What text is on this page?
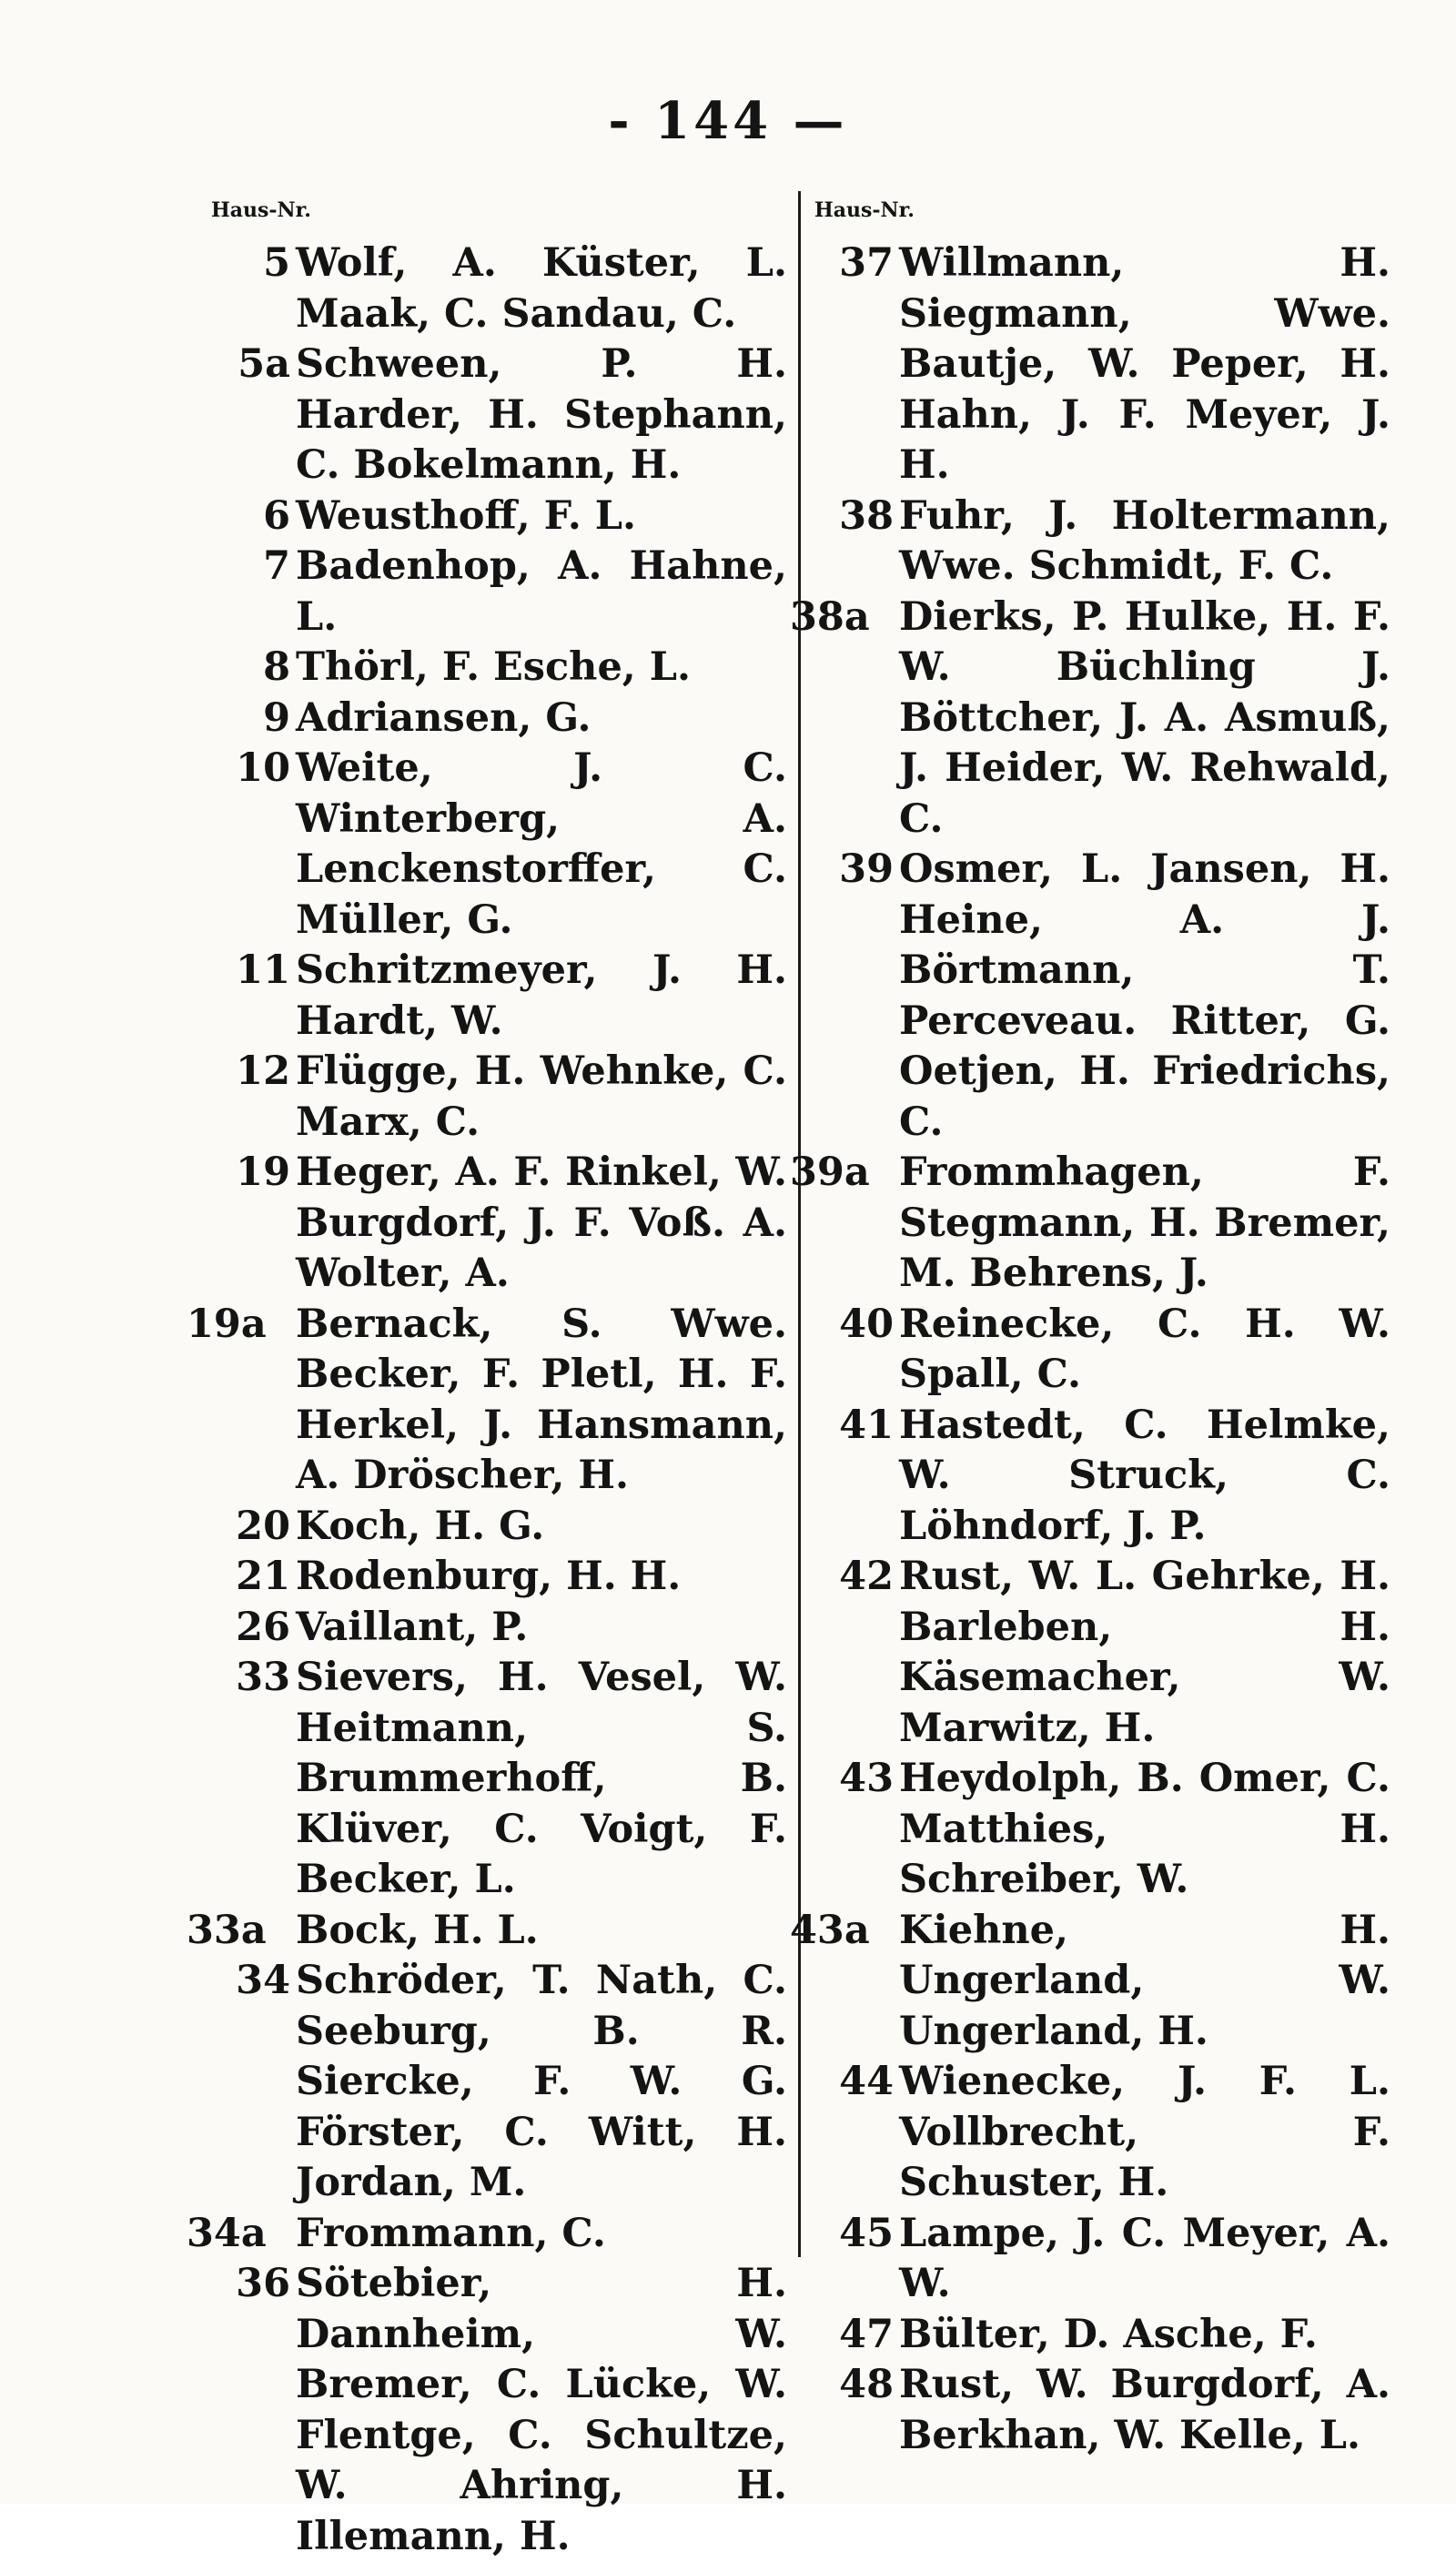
- 144 —
Haus-Nr.	Haus-Nr.
5 Wolf, A. Küster, L. Maak, C. Sandau, C.
5a Schween, P. H. Harder, H. Stephann, C. Bokelmann, H.
6 Weusthoff, F. L.
7 Badenhop, A. Hahne, L.
8 Thörl, F. Esche, L.
9 Adriansen, G.
10 Weite, J. C. Winterberg, A. Lenckenstorffer, C. Müller, G.
11 Schritzmeyer, J. H. Hardt, W.
12 Flügge, H. Wehnke, C. Marx, C.
19 Heger, A. F. Rinkel, W. Burgdorf, J. F. Voß. A. Wolter, A.
19a Bernack, S. Wwe. Becker, F. Pletl, H. F. Herkel, J. Hansmann, A. Dröscher, H.
20 Koch, H. G.
21 Rodenburg, H. H.
26 Vaillant, P.
33 Sievers, H. Vesel, W. Heitmann, S. Brummerhoff, B. Klüver, C. Voigt, F. Becker, L.
33a Bock, H. L.
34 Schröder, T. Nath, C. Seeburg, B. R. Siercke, F. W. G. Förster, C. Witt, H. Jordan, M.
34a Frommann, C.
36 Sötebier, H. Dannheim, W. Bremer, C. Lücke, W. Flentge, C. Schultze, W. Ahring, H. Illemann, H.
37 Willmann, H. Siegmann, Wwe. Bautje, W. Peper, H. Hahn, J. F. Meyer, J. H.
38 Fuhr, J. Holtermann, Wwe. Schmidt, F. C.
38a Dierks, P. Hulke, H. F. W. Büchling J. Böttcher, J. A. Asmuß, J. Heider, W. Rehwald, C.
39 Osmer, L. Jansen, H. Heine, A. J. Börtmann, T. Perceveau. Ritter, G. Oetjen, H. Friedrichs, C.
39a Frommhagen, F. Stegmann, H. Bremer, M. Behrens, J.
40 Reinecke, C. H. W. Spall, C.
41 Hastedt, C. Helmke, W. Struck, C. Löhndorf, J. P.
42 Rust, W. L. Gehrke, H. Barleben, H. Käsemacher, W. Marwitz, H.
43 Heydolph, B. Omer, C. Matthies, H. Schreiber, W.
43a Kiehne, H. Ungerland, W. Ungerland, H.
44 Wienecke, J. F. L. Vollbrecht, F. Schuster, H.
45 Lampe, J. C. Meyer, A. W.
47 Bülter, D. Asche, F.
48 Rust, W. Burgdorf, A. Berkhan, W. Kelle, L.
